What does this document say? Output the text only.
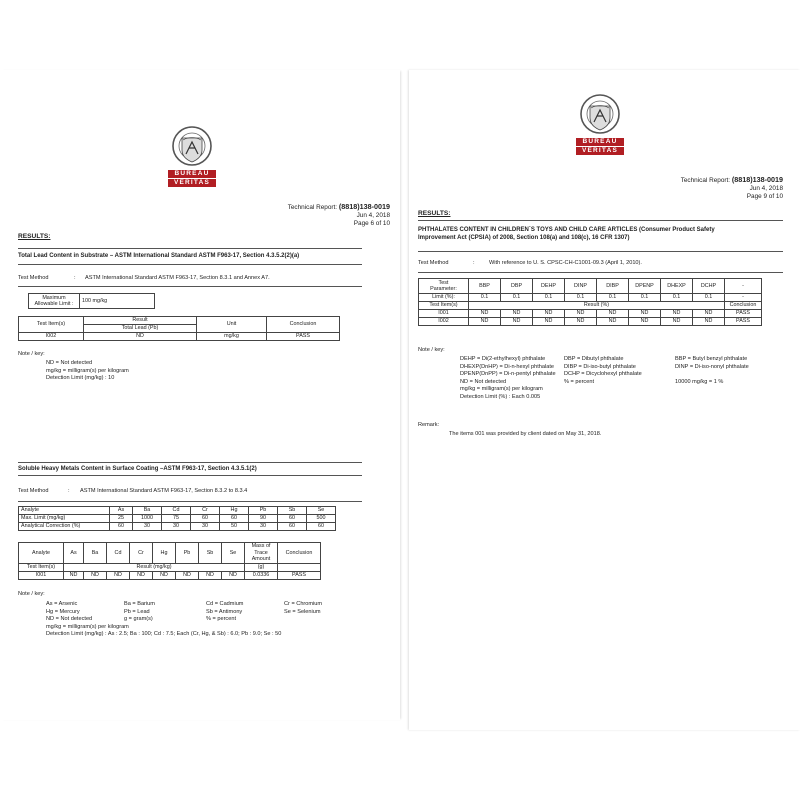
BUREAU
VERITAS
Technical Report: (8818)138-0019
Jun 4, 2018
Page 6 of 10
RESULTS:
Total Lead Content in Substrate – ASTM International Standard ASTM F963-17, Section 4.3.5.2(2)(a)
Test Method	: ASTM International Standard ASTM F963-17, Section 8.3.1 and Annex A7.
Maximum
Allowable Limit :
	100 mg/kg
Test Item(s)	Result	Unit	Conclusion
	Total Lead (Pb)		
I002	ND	mg/kg	PASS
Note / key:
ND = Not detected
mg/kg = milligram(s) per kilogram
Detection Limit (mg/kg) : 10
Soluble Heavy Metals Content in Surface Coating –ASTM F963-17, Section 4.3.5.1(2)
Test Method	: ASTM International Standard ASTM F963-17, Section 8.3.2 to 8.3.4
Analyte	As	Ba	Cd	Cr	Hg	Pb	Sb	Se
Max. Limit (mg/kg)	25	1000	75	60	60	90	60	500
Analytical Correction (%)	60	30	30	30	50	30	60	60
Analyte	As	Ba	Cd	Cr	Hg	Pb	Sb	Se	Mass of
Trace
Amount	Conclusion

Test Item(s)	Result (mg/kg)								(g)	
I001	ND	ND	ND	ND	ND	ND	ND	ND	0.0336	PASS
Note / key:
As = Arsenic	Ba = Barium	Cd = Cadmium	Cr = Chromium
Hg = Mercury	Pb = Lead	Sb = Antimony	Se = Selenium
ND = Not detected	g = gram(s)	% = percent
mg/kg = milligram(s) per kilogram
Detection Limit (mg/kg) : As : 2.5; Ba : 100; Cd : 7.5; Each (Cr, Hg, & Sb) : 6.0; Pb : 9.0; Se : 50
BUREAU
VERITAS
Technical Report: (8818)138-0019
Jun 4, 2018
Page 9 of 10
RESULTS:
PHTHALATES CONTENT IN CHILDREN`S TOYS AND CHILD CARE ARTICLES (Consumer Product Safety
Improvement Act (CPSIA) of 2008, Section 108(a) and 108(c), 16 CFR 1307)
Test Method	:	With reference to U. S. CPSC-CH-C1001-09.3 (April 1, 2010).
Test
Parameter:	BBP	DBP	DEHP	DINP	DIBP	DPENP	DHEXP	DCHP	-
Limit (%):	0.1	0.1	0.1	0.1	0.1	0.1	0.1	0.1	-
Test Item(s)	Result (%)								Conclusion
I001	ND	ND	ND	ND	ND	ND	ND	ND	PASS
I002	ND	ND	ND	ND	ND	ND	ND	ND	PASS
Note / key:
DEHP = Di(2-ethylhexyl) phthalate	DBP = Dibutyl phthalate	BBP = Butyl benzyl phthalate
DHEXP(DnHP) = Di-n-hexyl phthalate DIBP = Di-iso-butyl phthalate	DINP = Di-iso-nonyl phthalate
DPENP(DnPP) = Di-n-pentyl phthalate DCHP = Dicyclohexyl phthalate
ND = Not detected	% = percent	10000 mg/kg = 1 %
mg/kg = milligram(s) per kilogram
Detection Limit (%) : Each 0.005
Remark:
The items 001 was provided by client dated on May 31, 2018.
